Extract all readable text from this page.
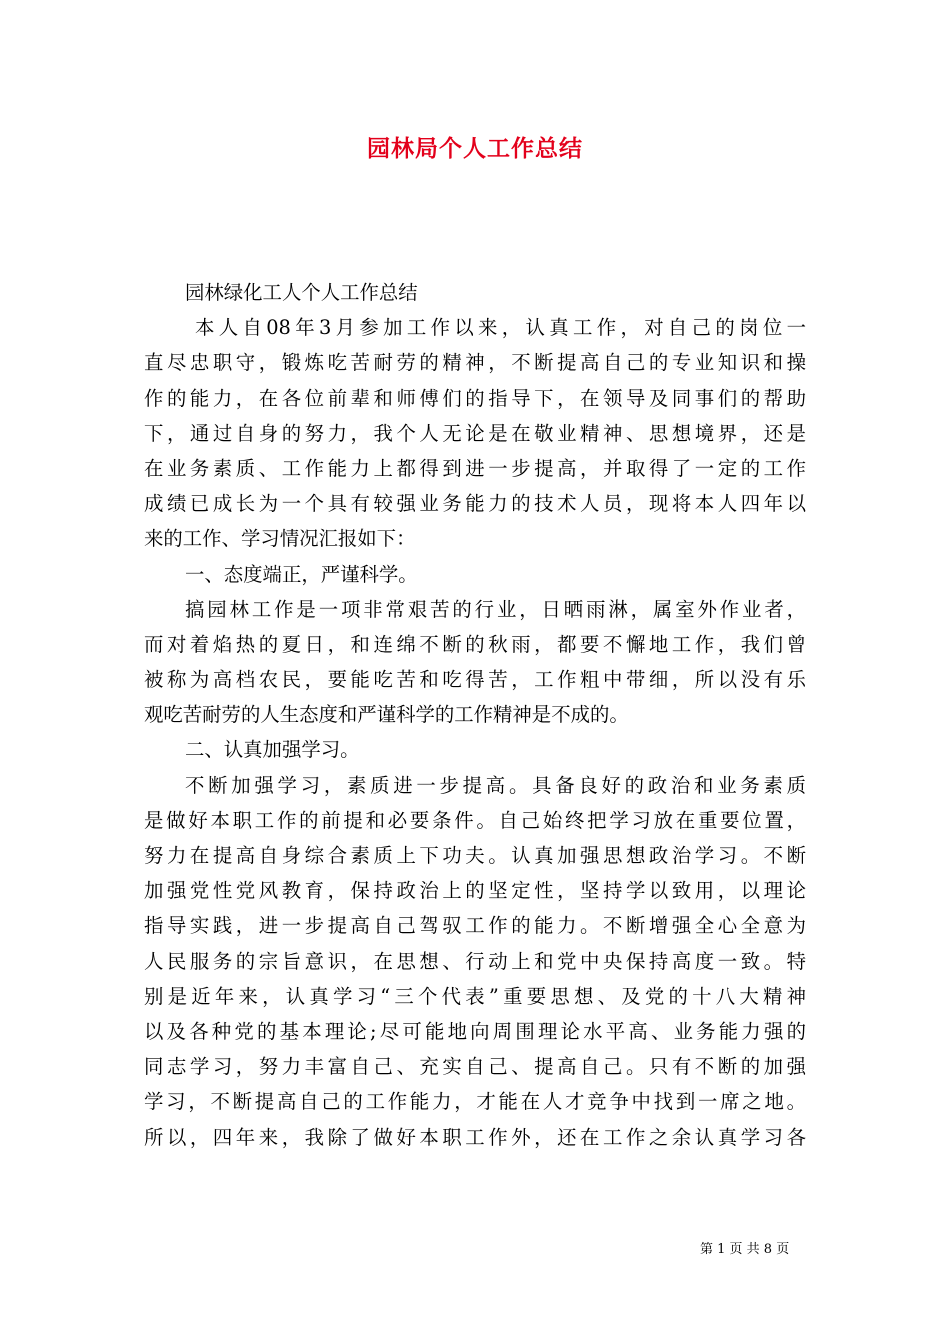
园林局个人工作总结
园林绿化工人个人工作总结
本人自08年3月参加工作以来，认真工作，对自己的岗位一
直尽忠职守，锻炼吃苦耐劳的精神，不断提高自己的专业知识和操
作的能力，在各位前辈和师傅们的指导下，在领导及同事们的帮助
下，通过自身的努力，我个人无论是在敬业精神、思想境界，还是
在业务素质、工作能力上都得到进一步提高，并取得了一定的工作
成绩已成长为一个具有较强业务能力的技术人员，现将本人四年以
来的工作、学习情况汇报如下：
一、态度端正，严谨科学。
搞园林工作是一项非常艰苦的行业，日晒雨淋，属室外作业者，
而对着焰热的夏日，和连绵不断的秋雨，都要不懈地工作，我们曾
被称为高档农民，要能吃苦和吃得苦，工作粗中带细，所以没有乐
观吃苦耐劳的人生态度和严谨科学的工作精神是不成的。
二、认真加强学习。
不断加强学习，素质进一步提高。具备良好的政治和业务素质
是做好本职工作的前提和必要条件。自己始终把学习放在重要位置，
努力在提高自身综合素质上下功夫。认真加强思想政治学习。不断
加强党性党风教育，保持政治上的坚定性，坚持学以致用，以理论
指导实践，进一步提高自己驾驭工作的能力。不断增强全心全意为
人民服务的宗旨意识，在思想、行动上和党中央保持高度一致。特
别是近年来，认真学习“三个代表”重要思想、及党的十八大精神
以及各种党的基本理论;尽可能地向周围理论水平高、业务能力强的
同志学习，努力丰富自己、充实自己、提高自己。只有不断的加强
学习，不断提高自己的工作能力，才能在人才竞争中找到一席之地。
所以，四年来，我除了做好本职工作外，还在工作之余认真学习各
第 1 页 共 8 页
